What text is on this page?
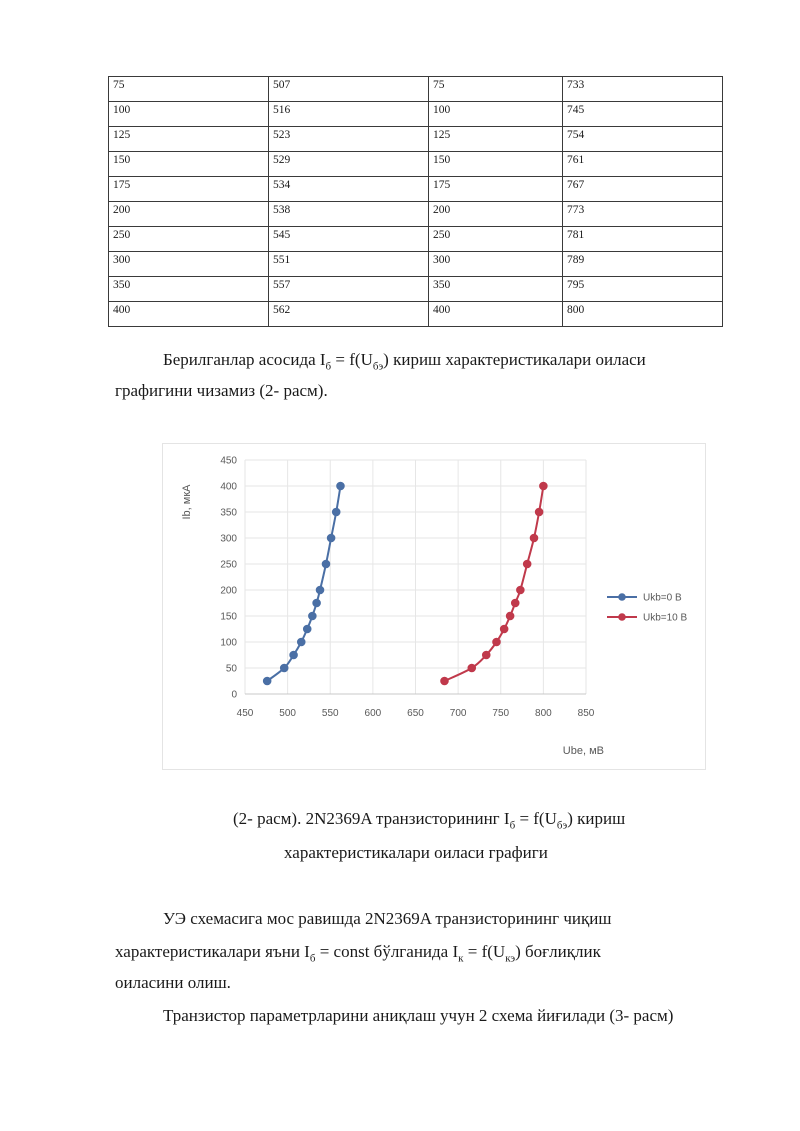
75	507	75	733
100	516	100	745
125	523	125	754
150	529	150	761
175	534	175	767
200	538	200	773
250	545	250	781
300	551	300	789
350	557	350	795
400	562	400	800

Берилганлар асосида $I_б = f(U_{бэ})$ кириш характеристикалари оиласи

графигини чизамиз (2- расм).

0
50
100
150
200
250
300
350
400
450
450	500	550	600	650	700	750	800	850
Ib, мкА
Ube, мВ
Ukb=0 B
Ukb=10 B

(2- расм). 2N2369A транзисторининг $I_б = f(U_{бэ})$ кириш

характеристикалари оиласи графиги

УЭ схемасига мос равишда 2N2369A транзисторининг чиқиш

характеристикалари яъни $I_б$ = const бўлганида $I_к = f(U_{кэ})$ боғлиқлик

оиласини олиш.

Транзистор параметрларини аниқлаш учун 2 схема йиғилади (3- расм)
